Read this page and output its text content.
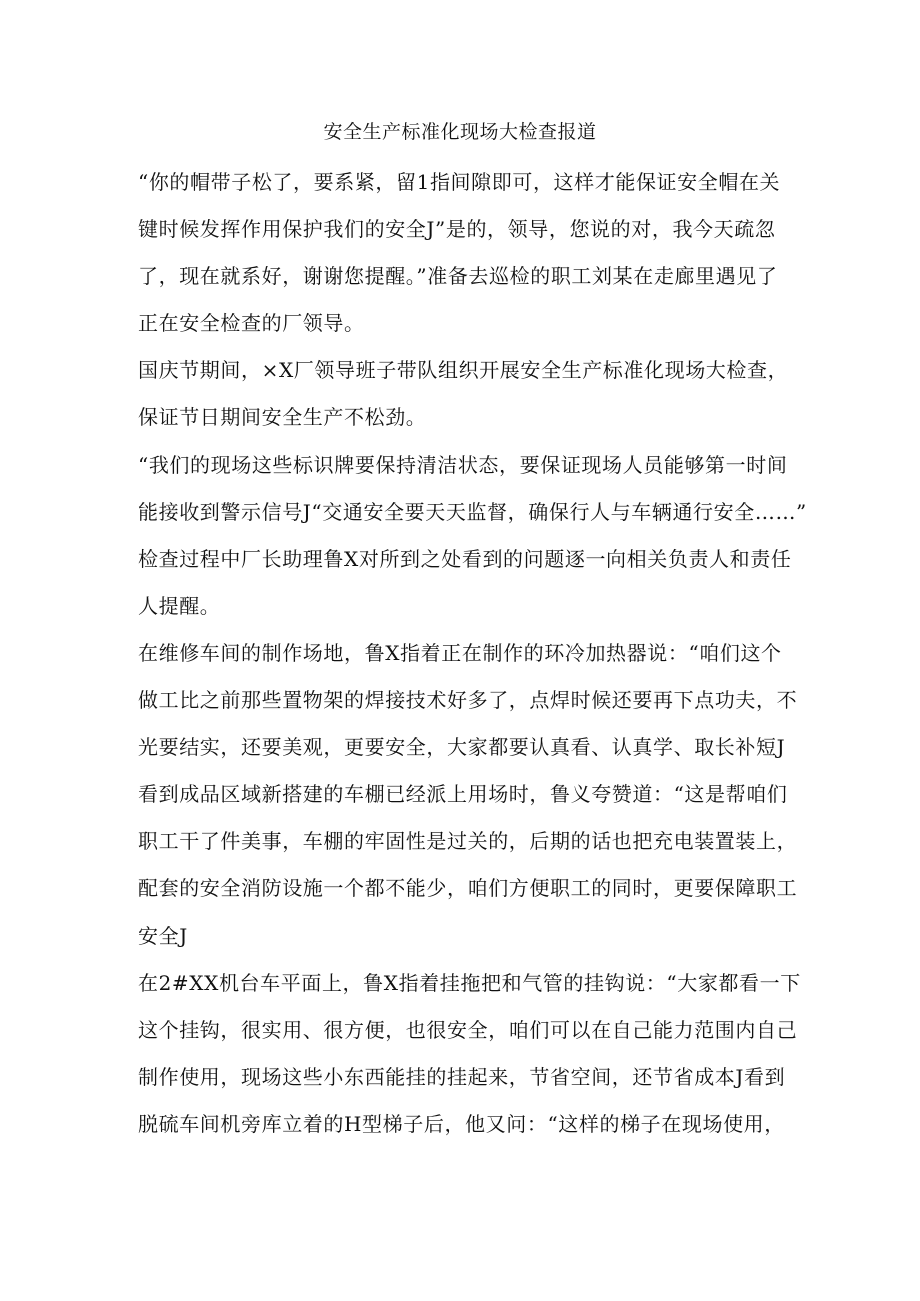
安全生产标准化现场大检查报道
“你的帽带子松了，要系紧，留1指间隙即可，这样才能保证安全帽在关
键时候发挥作用保护我们的安全J”是的，领导，您说的对，我今天疏忽
了，现在就系好，谢谢您提醒。”准备去巡检的职工刘某在走廊里遇见了
正在安全检查的厂领导。
国庆节期间，×X厂领导班子带队组织开展安全生产标准化现场大检查，
保证节日期间安全生产不松劲。
“我们的现场这些标识牌要保持清洁状态，要保证现场人员能够第一时间
能接收到警示信号J“交通安全要天天监督，确保行人与车辆通行安全……”
检查过程中厂长助理鲁X对所到之处看到的问题逐一向相关负责人和责任
人提醒。
在维修车间的制作场地，鲁X指着正在制作的环冷加热器说：“咱们这个
做工比之前那些置物架的焊接技术好多了，点焊时候还要再下点功夫，不
光要结实，还要美观，更要安全，大家都要认真看、认真学、取长补短J
看到成品区域新搭建的车棚已经派上用场时，鲁义夸赞道：“这是帮咱们
职工干了件美事，车棚的牢固性是过关的，后期的话也把充电装置装上，
配套的安全消防设施一个都不能少，咱们方便职工的同时，更要保障职工
安全J
在2#XX机台车平面上，鲁X指着挂拖把和气管的挂钩说：“大家都看一下
这个挂钩，很实用、很方便，也很安全，咱们可以在自己能力范围内自己
制作使用，现场这些小东西能挂的挂起来，节省空间，还节省成本J看到
脱硫车间机旁库立着的H型梯子后，他又问：“这样的梯子在现场使用，
